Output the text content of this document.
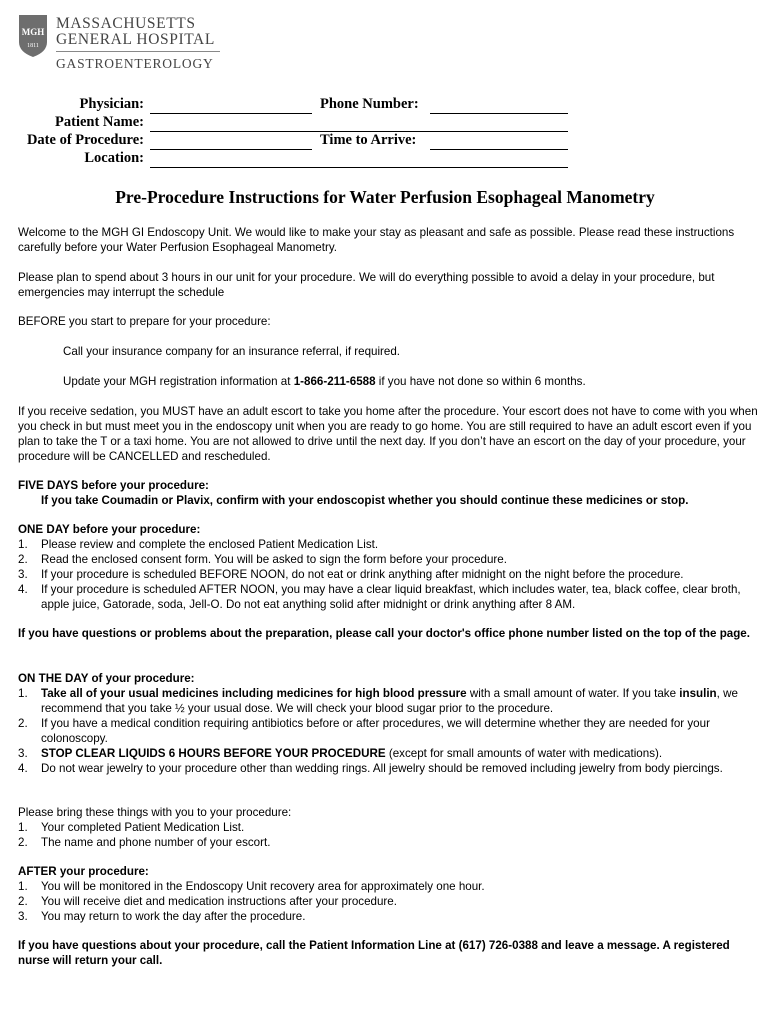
MGH
1811
MASSACHUSETTS
GENERAL HOSPITAL
GASTROENTEROLOGY
Physician:	Phone Number:
Patient Name:
Date of Procedure:	Time to Arrive:
Location:
Pre-Procedure Instructions for Water Perfusion Esophageal Manometry
Welcome to the MGH GI Endoscopy Unit. We would like to make your stay as pleasant and safe as possible. Please read these instructions carefully before your Water Perfusion Esophageal Manometry.
Please plan to spend about 3 hours in our unit for your procedure. We will do everything possible to avoid a delay in your procedure, but emergencies may interrupt the schedule
BEFORE you start to prepare for your procedure:
Call your insurance company for an insurance referral, if required.
Update your MGH registration information at 1-866-211-6588 if you have not done so within 6 months.
If you receive sedation, you MUST have an adult escort to take you home after the procedure. Your escort does not have to come with you when you check in but must meet you in the endoscopy unit when you are ready to go home. You are still required to have an adult escort even if you plan to take the T or a taxi home. You are not allowed to drive until the next day. If you don’t have an escort on the day of your procedure, your procedure will be CANCELLED and rescheduled.
FIVE DAYS before your procedure:
If you take Coumadin or Plavix, confirm with your endoscopist whether you should continue these medicines or stop.
ONE DAY before your procedure:
1. Please review and complete the enclosed Patient Medication List.
2. Read the enclosed consent form. You will be asked to sign the form before your procedure.
3. If your procedure is scheduled BEFORE NOON, do not eat or drink anything after midnight on the night before the procedure.
4. If your procedure is scheduled AFTER NOON, you may have a clear liquid breakfast, which includes water, tea, black coffee, clear broth, apple juice, Gatorade, soda, Jell-O. Do not eat anything solid after midnight or drink anything after 8 AM.
If you have questions or problems about the preparation, please call your doctor's office phone number listed on the top of the page.
ON THE DAY of your procedure:
1. Take all of your usual medicines including medicines for high blood pressure with a small amount of water. If you take insulin, we recommend that you take ½ your usual dose. We will check your blood sugar prior to the procedure.
2. If you have a medical condition requiring antibiotics before or after procedures, we will determine whether they are needed for your colonoscopy.
3. STOP CLEAR LIQUIDS 6 HOURS BEFORE YOUR PROCEDURE (except for small amounts of water with medications).
4. Do not wear jewelry to your procedure other than wedding rings. All jewelry should be removed including jewelry from body piercings.
Please bring these things with you to your procedure:
1. Your completed Patient Medication List.
2. The name and phone number of your escort.
AFTER your procedure:
1. You will be monitored in the Endoscopy Unit recovery area for approximately one hour.
2. You will receive diet and medication instructions after your procedure.
3. You may return to work the day after the procedure.
If you have questions about your procedure, call the Patient Information Line at (617) 726-0388 and leave a message. A registered nurse will return your call.
